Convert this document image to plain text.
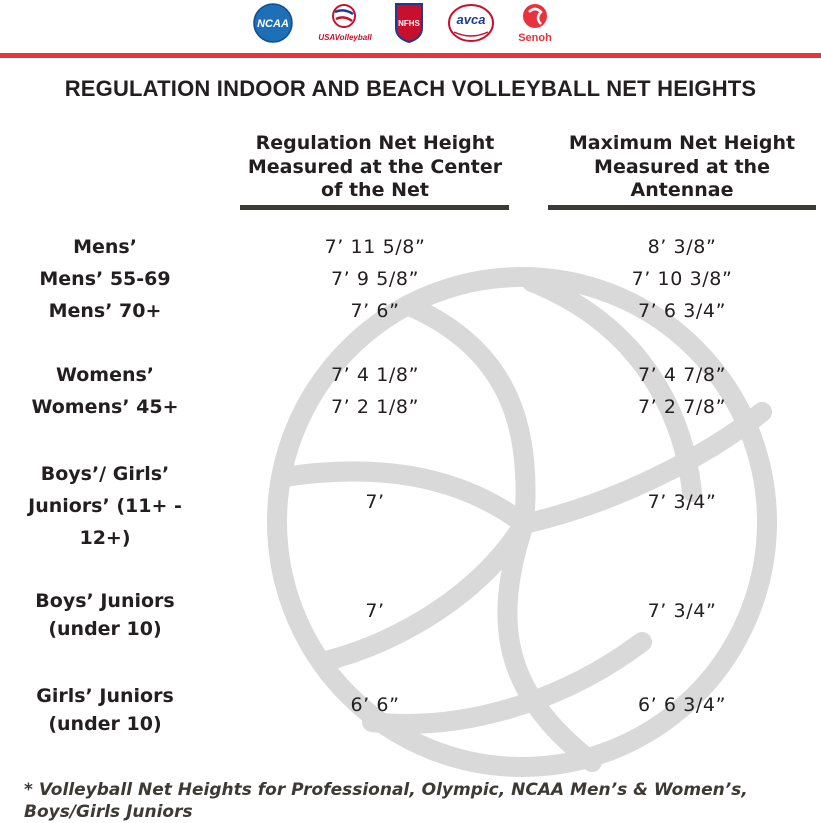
NCAA
USAVolleyball
NFHS	avca
Senoh
REGULATION INDOOR AND BEACH VOLLEYBALL NET HEIGHTS
Regulation Net Height
Measured at the Center
of the Net
Maximum Net Height
Measured at the
Antennae
Mens’	7’ 11 5/8”	8’ 3/8”
Mens’ 55-69	7’ 9 5/8”	7’ 10 3/8”
Mens’ 70+	7’ 6”	7’ 6 3/4”
Womens’	7’ 4 1/8”	7’ 4 7/8”
Womens’ 45+	7’ 2 1/8”	7’ 2 7/8”
Boys’/ Girls’
Juniors’ (11+ -
12+)
7’	7’ 3/4”
Boys’ Juniors
(under 10)
7’	7’ 3/4”
Girls’ Juniors
(under 10)
6’ 6”	6’ 6 3/4”
* Volleyball Net Heights for Professional, Olympic, NCAA Men’s & Women’s,
Boys/Girls Juniors
